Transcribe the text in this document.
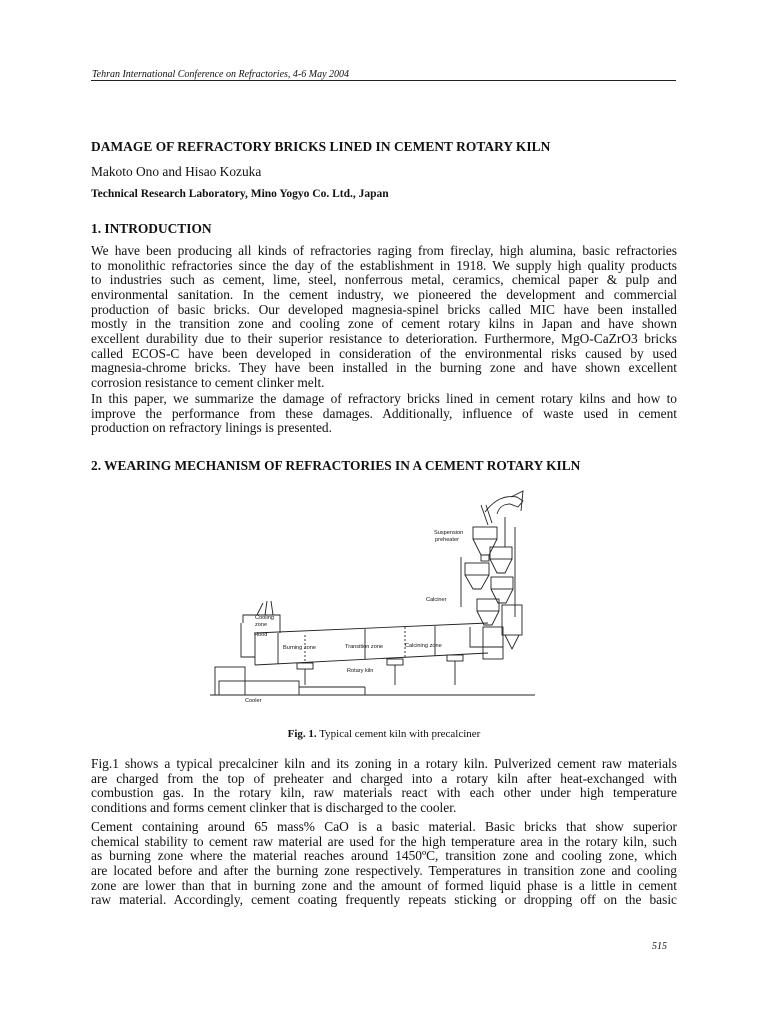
Tehran International Conference on Refractories, 4-6 May 2004
DAMAGE OF REFRACTORY BRICKS LINED IN CEMENT ROTARY KILN
Makoto Ono and Hisao Kozuka
Technical Research Laboratory, Mino Yogyo Co. Ltd., Japan
1. INTRODUCTION

We have been producing all kinds of refractories raging from fireclay, high alumina, basic refractories
to monolithic refractories since the day of the establishment in 1918. We supply high quality products
to industries such as cement, lime, steel, nonferrous metal, ceramics, chemical paper & pulp and
environmental sanitation. In the cement industry, we pioneered the development and commercial
production of basic bricks. Our developed magnesia-spinel bricks called MIC have been installed
mostly in the transition zone and cooling zone of cement rotary kilns in Japan and have shown
excellent durability due to their superior resistance to deterioration. Furthermore, MgO-CaZrO3 bricks
called ECOS-C have been developed in consideration of the environmental risks caused by used
magnesia-chrome bricks. They have been installed in the burning zone and have shown excellent
corrosion resistance to cement clinker melt.

In this paper, we summarize the damage of refractory bricks lined in cement rotary kilns and how to
improve the performance from these damages. Additionally, influence of waste used in cement
production on refractory linings is presented.

2. WEARING MECHANISM OF REFRACTORIES IN A CEMENT ROTARY KILN
Suspension
preheater
Calciner
Cooling
zone
Burning zone	Transition zone	Calcining zone
Hood
Rotary kiln
Cooler
Fig. 1. Typical cement kiln with precalciner

Fig.1 shows a typical precalciner kiln and its zoning in a rotary kiln. Pulverized cement raw materials
are charged from the top of preheater and charged into a rotary kiln after heat-exchanged with
combustion gas. In the rotary kiln, raw materials react with each other under high temperature
conditions and forms cement clinker that is discharged to the cooler.

Cement containing around 65 mass% CaO is a basic material. Basic bricks that show superior
chemical stability to cement raw material are used for the high temperature area in the rotary kiln, such
as burning zone where the material reaches around 1450ºC, transition zone and cooling zone, which
are located before and after the burning zone respectively. Temperatures in transition zone and cooling
zone are lower than that in burning zone and the amount of formed liquid phase is a little in cement
raw material. Accordingly, cement coating frequently repeats sticking or dropping off on the basic

515
